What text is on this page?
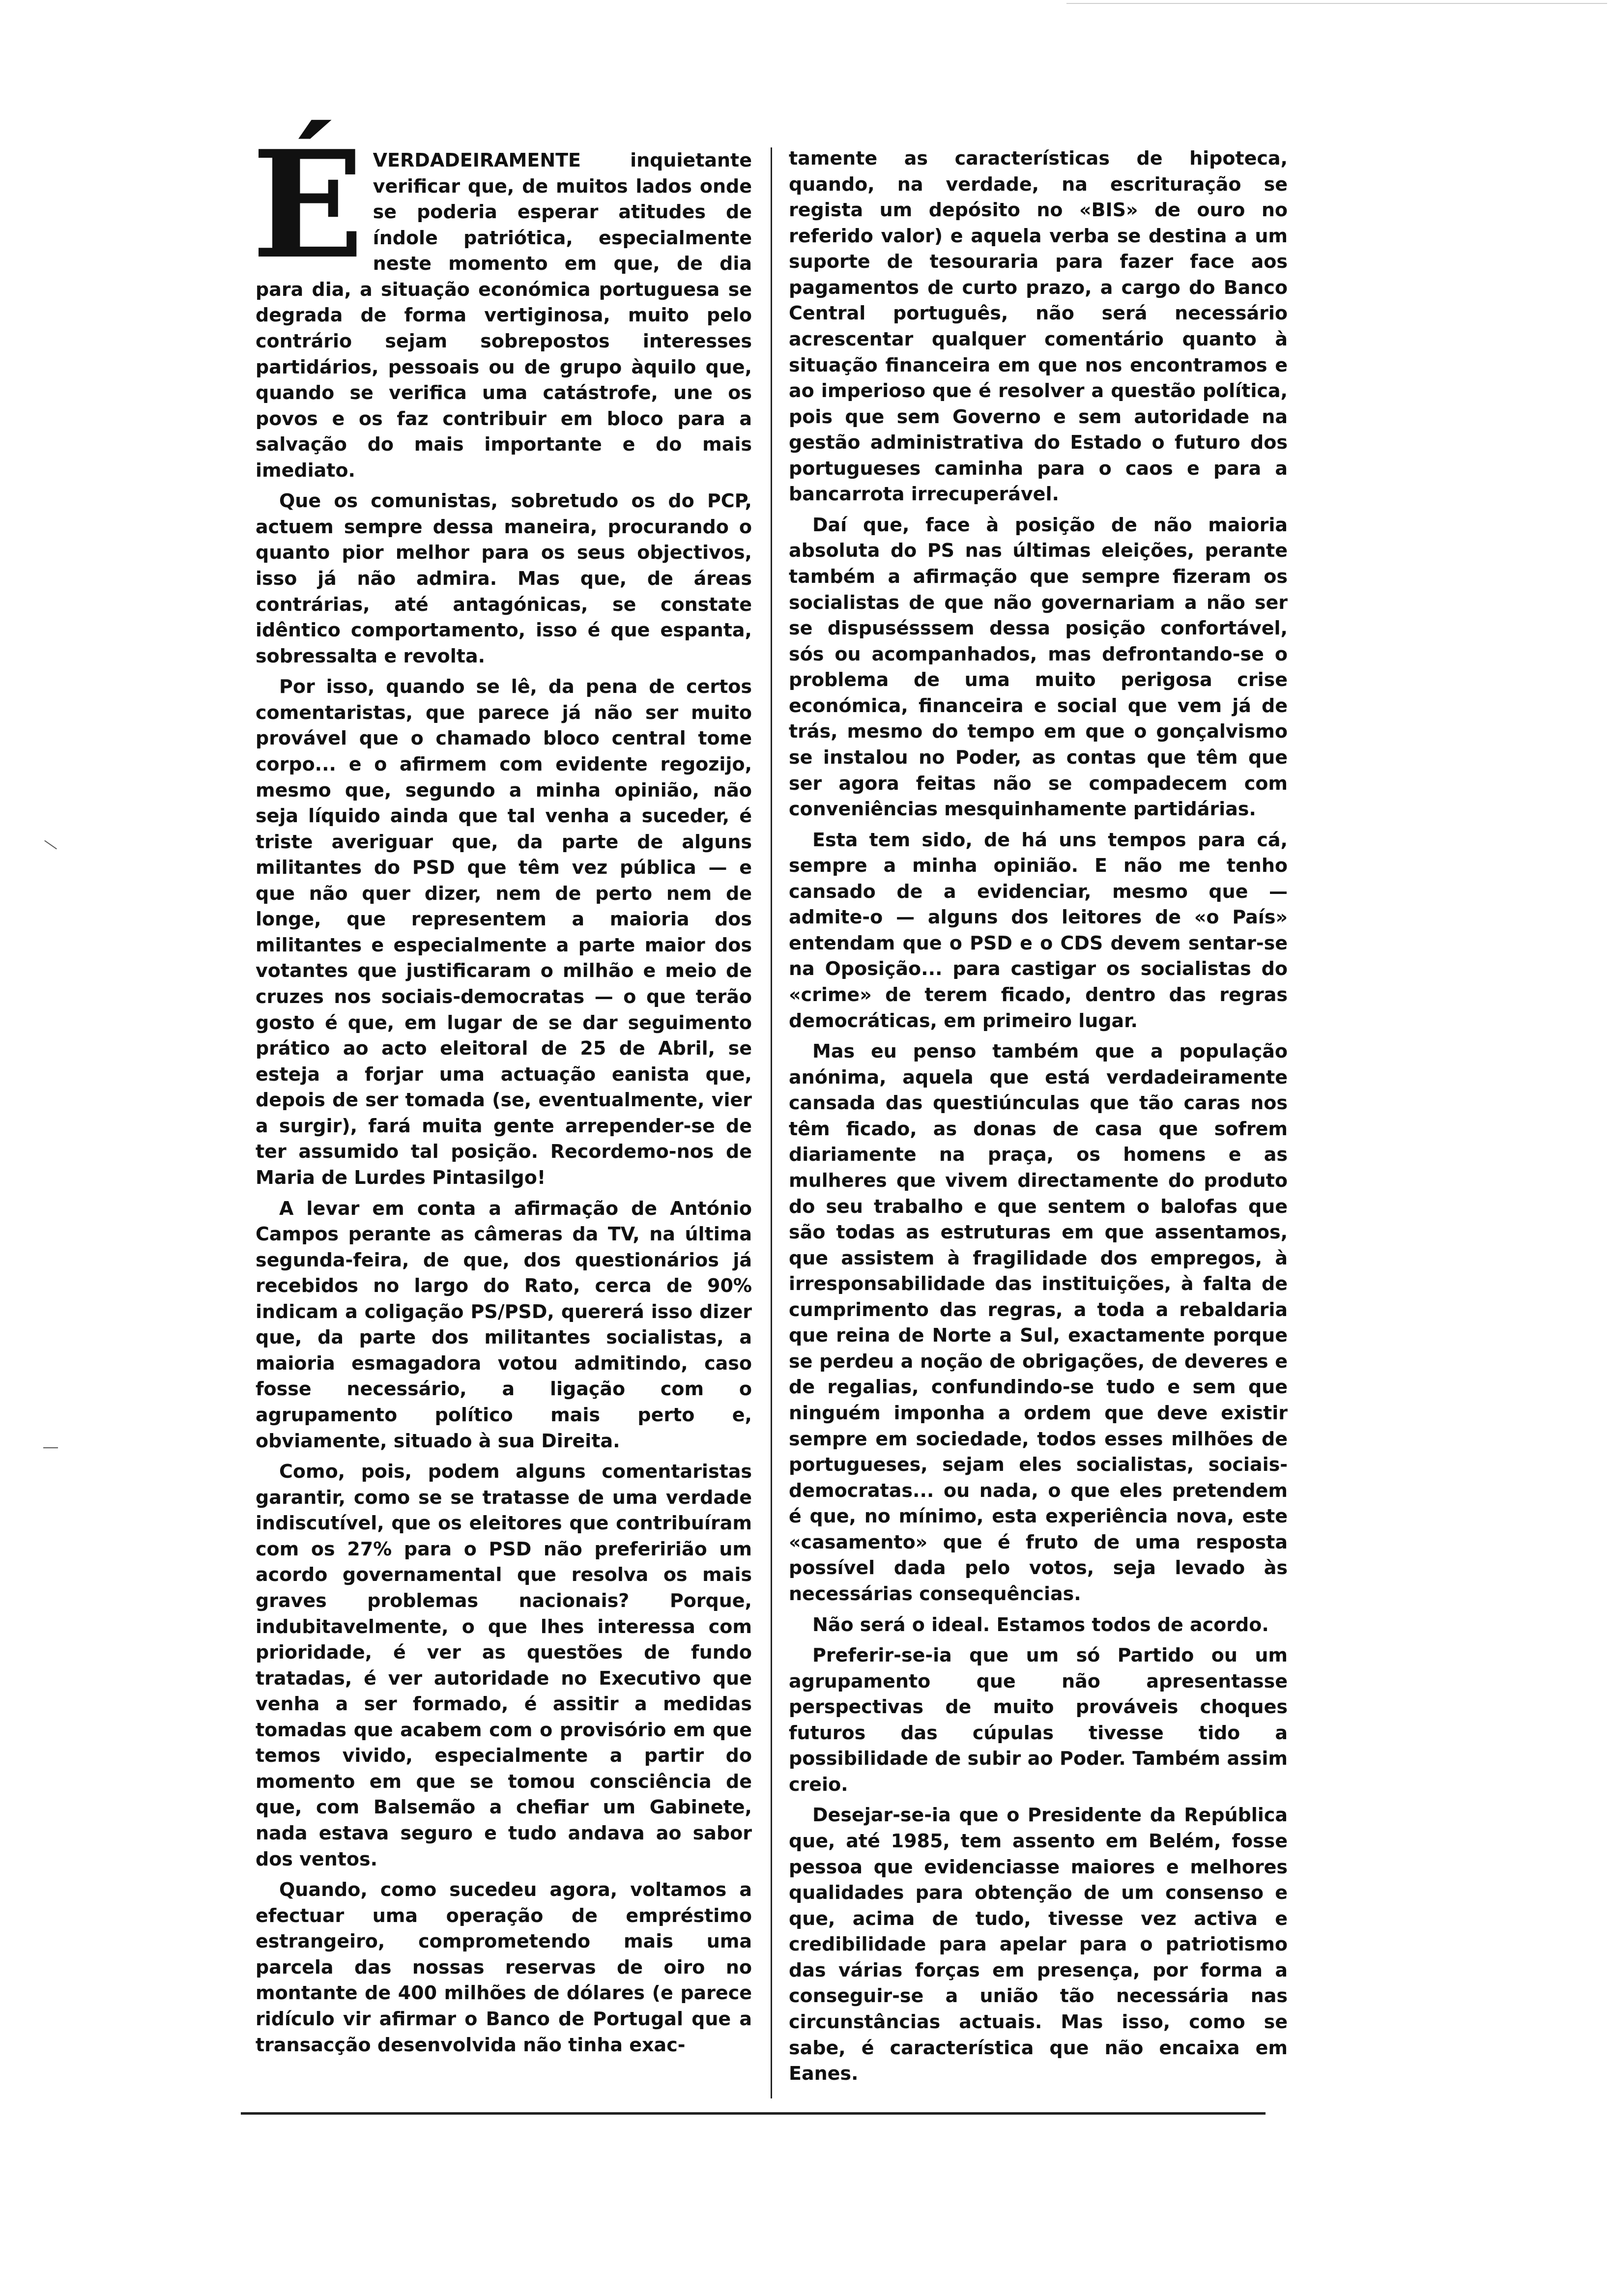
É VERDADEIRAMENTE	inquietante verificar que, de muitos lados onde se poderia esperar atitudes de índole patriótica, especialmente neste momento em que, de dia para dia, a situação económica portuguesa se degrada de forma vertiginosa, muito pelo contrário sejam sobrepostos interesses partidários, pessoais ou de grupo àquilo que, quando se verifica uma catástrofe, une os povos e os faz contribuir em bloco para a salvação do mais importante e do mais imediato.

Que os comunistas, sobretudo os do PCP, actuem sempre dessa maneira, procurando o quanto pior melhor para os seus objectivos, isso já não admira. Mas que, de áreas contrárias, até antagónicas, se constate idêntico comportamento, isso é que espanta, sobressalta e revolta.

Por isso, quando se lê, da pena de certos comentaristas, que parece já não ser muito provável que o chamado bloco central tome corpo... e o afirmem com evidente regozijo, mesmo que, segundo a minha opinião, não seja líquido ainda que tal venha a suceder, é triste averiguar que, da parte de alguns militantes do PSD que têm vez pública — e que não quer dizer, nem de perto nem de longe, que representem a maioria dos militantes e especialmente a parte maior dos votantes que justificaram o milhão e meio de cruzes nos sociais-democratas — o que terão gosto é que, em lugar de se dar seguimento prático ao acto eleitoral de 25 de Abril, se esteja a forjar uma actuação eanista que, depois de ser tomada (se, eventualmente, vier a surgir), fará muita gente arrepender-se de ter assumido tal posição. Recordemo-nos de Maria de Lurdes Pintasilgo!

A levar em conta a afirmação de António Campos perante as câmeras da TV, na última segunda-feira, de que, dos questionários já recebidos no largo do Rato, cerca de 90% indicam a coligação PS/PSD, quererá isso dizer que, da parte dos militantes socialistas, a maioria esmagadora votou admitindo, caso fosse necessário, a ligação com o agrupamento político mais perto e, obviamente, situado à sua Direita.

Como, pois, podem alguns comentaristas garantir, como se se tratasse de uma verdade indiscutível, que os eleitores que contribuíram com os 27% para o PSD não preferirião um acordo governamental que resolva os mais graves problemas nacionais? Porque, indubitavelmente, o que lhes interessa com prioridade, é ver as questões de fundo tratadas, é ver autoridade no Executivo que venha a ser formado, é assitir a medidas tomadas que acabem com o provisório em que temos vivido, especialmente a partir do momento em que se tomou consciência de que, com Balsemão a chefiar um Gabinete, nada estava seguro e tudo andava ao sabor dos ventos.

Quando, como sucedeu agora, voltamos a efectuar uma operação de empréstimo estrangeiro, comprometendo mais uma parcela das nossas reservas de oiro no montante de 400 milhões de dólares (e parece ridículo vir afirmar o Banco de Portugal que a transacção desenvolvida não tinha exac-

tamente as características de hipoteca, quando, na verdade, na escrituração se regista um depósito no «BIS» de ouro no referido valor) e aquela verba se destina a um suporte de tesouraria para fazer face aos pagamentos de curto prazo, a cargo do Banco Central português, não será necessário acrescentar qualquer comentário quanto à situação financeira em que nos encontramos e ao imperioso que é resolver a questão política, pois que sem Governo e sem autoridade na gestão administrativa do Estado o futuro dos portugueses caminha para o caos e para a bancarrota irrecuperável.

Daí que, face à posição de não maioria absoluta do PS nas últimas eleições, perante também a afirmação que sempre fizeram os socialistas de que não governariam a não ser se dispusésssem dessa posição confortável, sós ou acompanhados, mas defrontando-se o problema de uma muito perigosa crise económica, financeira e social que vem já de trás, mesmo do tempo em que o gonçalvismo se instalou no Poder, as contas que têm que ser agora feitas não se compadecem com conveniências mesquinhamente partidárias.

Esta tem sido, de há uns tempos para cá, sempre a minha opinião. E não me tenho cansado de a evidenciar, mesmo que — admite-o — alguns dos leitores de «o País» entendam que o PSD e o CDS devem sentar-se na Oposição... para castigar os socialistas do «crime» de terem ficado, dentro das regras democráticas, em primeiro lugar.

Mas eu penso também que a população anónima, aquela que está verdadeiramente cansada das questiúnculas que tão caras nos têm ficado, as donas de casa que sofrem diariamente na praça, os homens e as mulheres que vivem directamente do produto do seu trabalho e que sentem o balofas que são todas as estruturas em que assentamos, que assistem à fragilidade dos empregos, à irresponsabilidade das instituições, à falta de cumprimento das regras, a toda a rebaldaria que reina de Norte a Sul, exactamente porque se perdeu a noção de obrigações, de deveres e de regalias, confundindo-se tudo e sem que ninguém imponha a ordem que deve existir sempre em sociedade, todos esses milhões de portugueses, sejam eles socialistas, sociais-democratas... ou nada, o que eles pretendem é que, no mínimo, esta experiência nova, este «casamento» que é fruto de uma resposta possível dada pelo votos, seja levado às necessárias consequências.

Não será o ideal. Estamos todos de acordo.

Preferir-se-ia que um só Partido ou um agrupamento que não apresentasse perspectivas de muito prováveis choques futuros das cúpulas tivesse tido a possibilidade de subir ao Poder. Também assim creio.

Desejar-se-ia que o Presidente da República que, até 1985, tem assento em Belém, fosse pessoa que evidenciasse maiores e melhores qualidades para obtenção de um consenso e que, acima de tudo, tivesse vez activa e credibilidade para apelar para o patriotismo das várias forças em presença, por forma a conseguir-se a união tão necessária nas circunstâncias actuais. Mas isso, como se sabe, é característica que não encaixa em Eanes.
